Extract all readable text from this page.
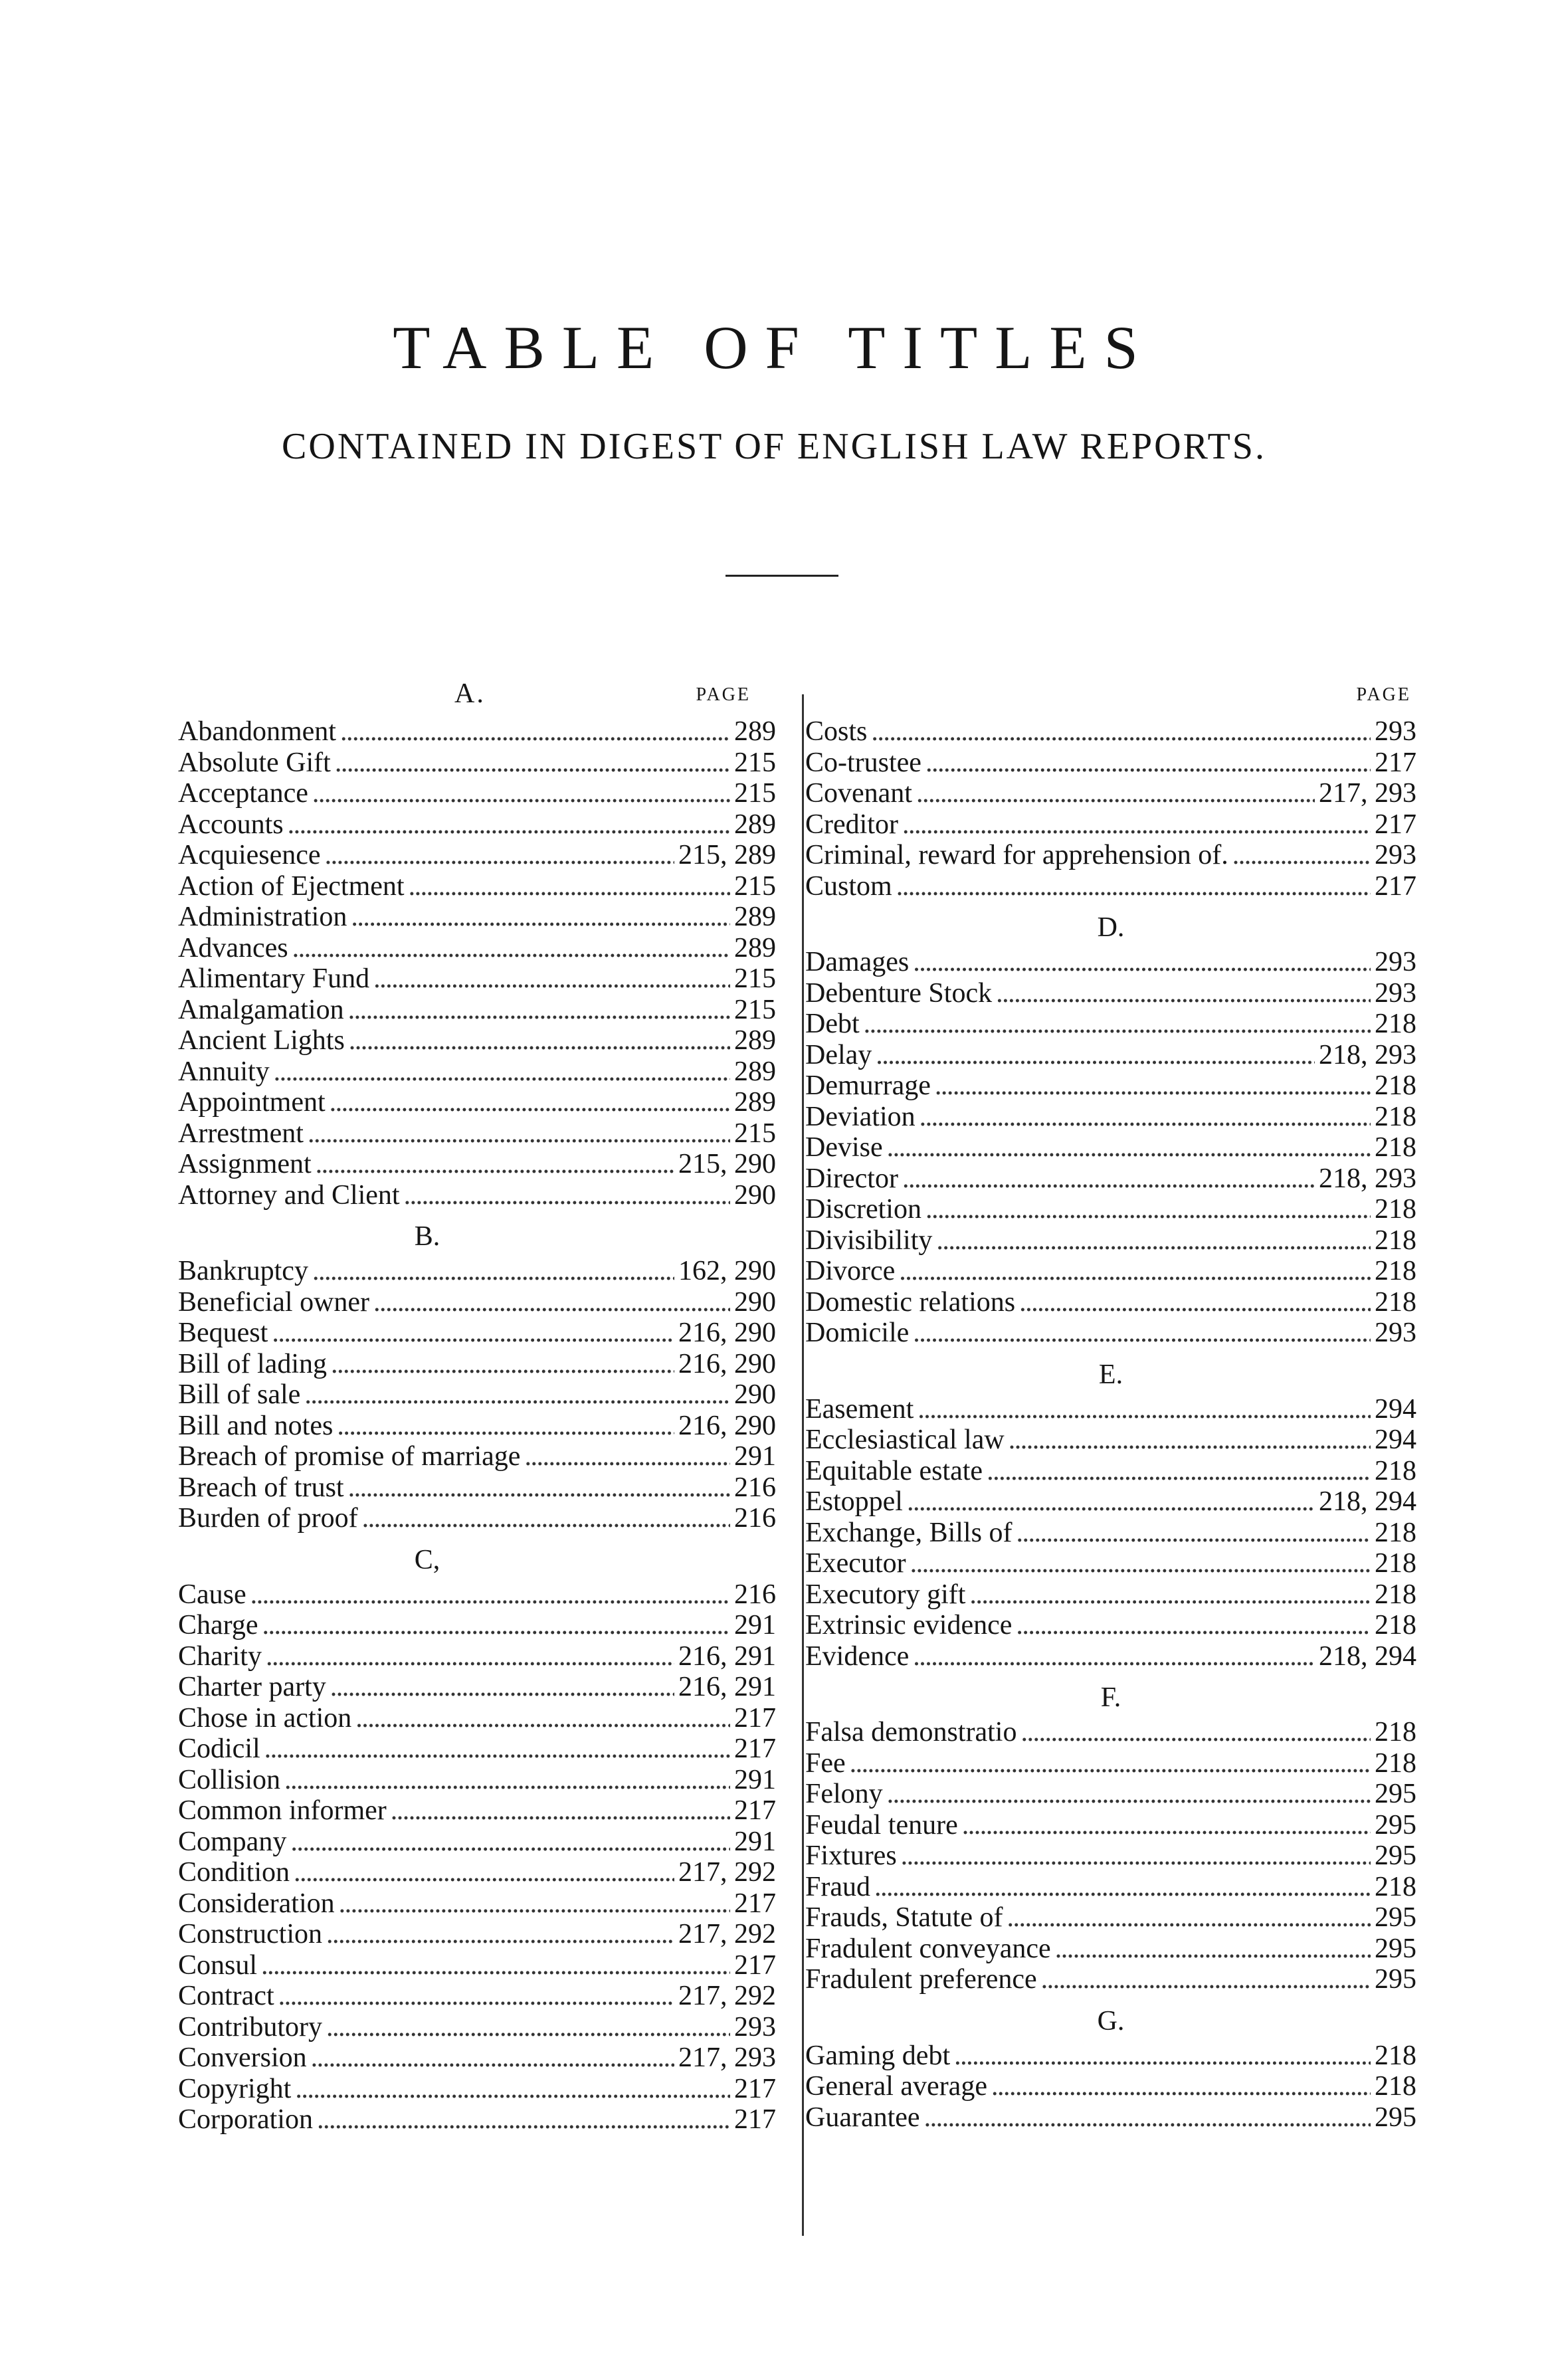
TABLE OF TITLES
CONTAINED IN DIGEST OF ENGLISH LAW REPORTS.
PAGE
A.
Abandonment . . .	289
Absolute Gift . . .	215
Acceptance . . .	215
Accounts . . .	289
Acquiesence . . .	215, 289
Action of Ejectment . . .	215
Administration . . .	289
Advances . . .	289
Alimentary Fund . . .	215
Amalgamation . . .	215
Ancient Lights . . .	289
Annuity . . .	289
Appointment . . .	289
Arrestment . . .	215
Assignment . . .	215, 290
Attorney and Client . . .	290
B.
Bankruptcy . . .	162, 290
Beneficial owner . . .	290
Bequest . . .	216, 290
Bill of lading . . .	216, 290
Bill of sale . . .	290
Bill and notes . . .	216, 290
Breach of promise of marriage . . .	291
Breach of trust . . .	216
Burden of proof . . .	216
C,
Cause . . .	216
Charge . . .	291
Charity . . .	216, 291
Charter party . . .	216, 291
Chose in action . . .	217
Codicil . . .	217
Collision . . .	291
Common informer . . .	217
Company . . .	291
Condition . . .	217, 292
Consideration . . .	217
Construction . . .	217, 292
Consul . . .	217
Contract . . .	217, 292
Contributory . . .	293
Conversion . . .	217, 293
Copyright . . .	217
Corporation . . .	217
PAGE
Costs . . .	293
Co-trustee . . .	217
Covenant . . .	217, 293
Creditor . . .	217
Criminal, reward for apprehension of. . . .	293
Custom . . .	217
D.
Damages . . .	293
Debenture Stock . . .	293
Debt . . .	218
Delay . . .	218, 293
Demurrage . . .	218
Deviation . . .	218
Devise . . .	218
Director . . .	218, 293
Discretion . . .	218
Divisibility . . .	218
Divorce . . .	218
Domestic relations . . .	218
Domicile . . .	293
E.
Easement . . .	294
Ecclesiastical law . . .	294
Equitable estate . . .	218
Estoppel . . .	218, 294
Exchange, Bills of . . .	218
Executor . . .	218
Executory gift . . .	218
Extrinsic evidence . . .	218
Evidence . . .	218, 294
F.
Falsa demonstratio . . .	218
Fee . . .	218
Felony . . .	295
Feudal tenure . . .	295
Fixtures . . .	295
Fraud . . .	218
Frauds, Statute of . . .	295
Fradulent conveyance . . .	295
Fradulent preference . . .	295
G.
Gaming debt . . .	218
General average . . .	218
Guarantee . . .	295
